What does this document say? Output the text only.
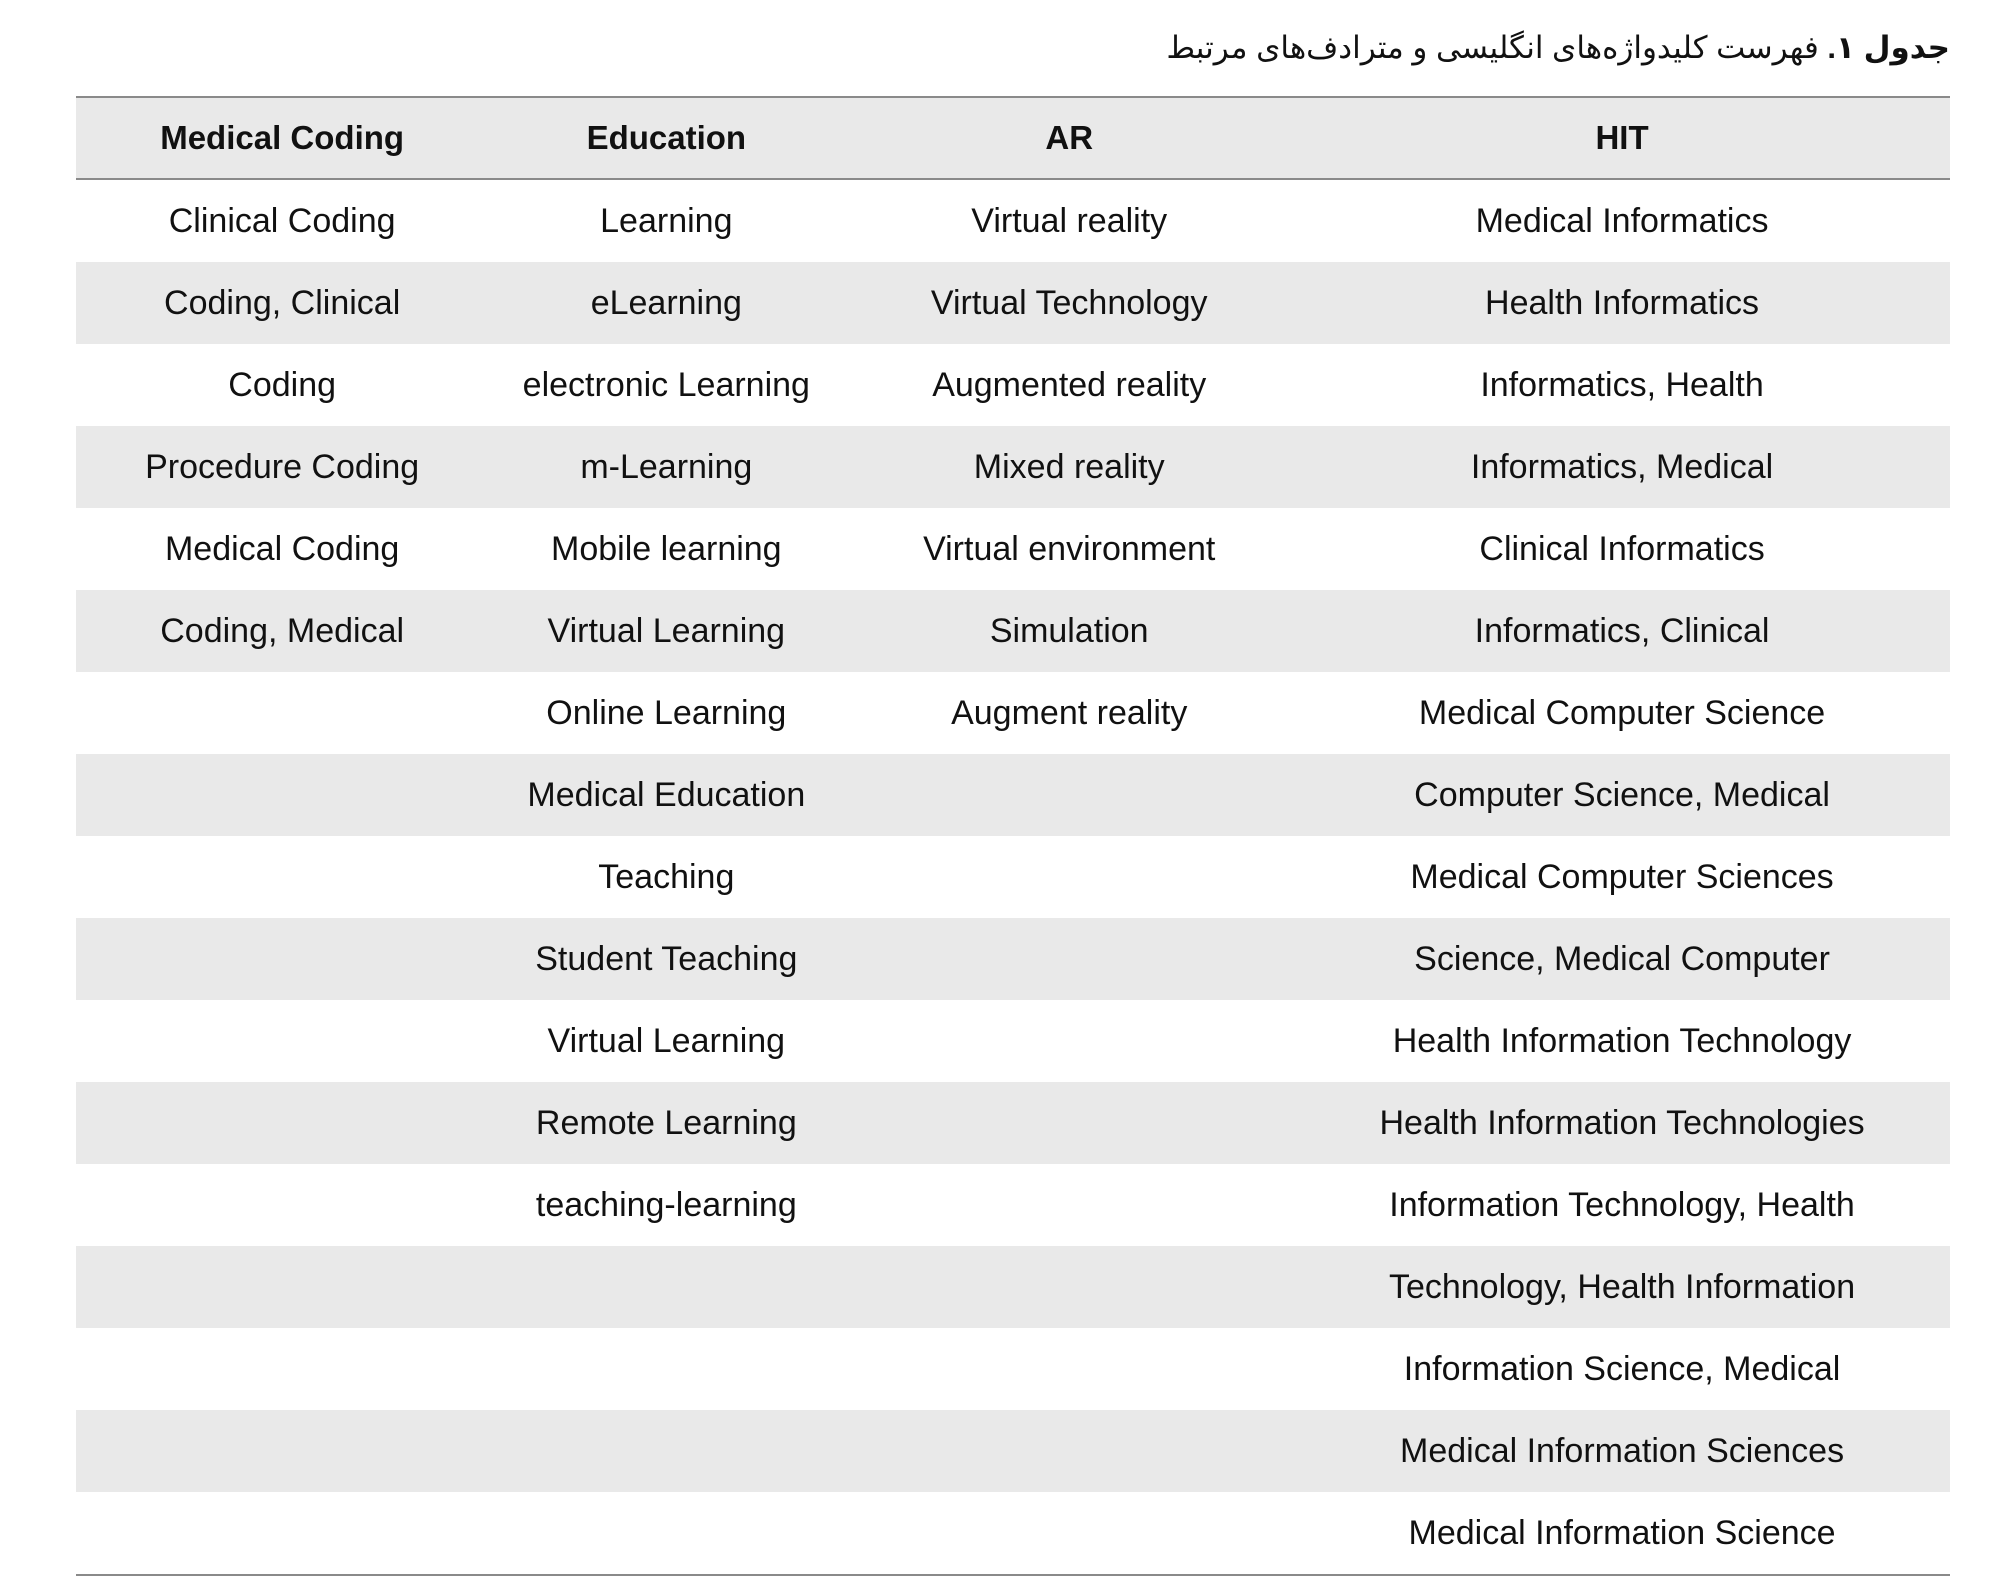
جدول ۱. فهرست کلیدواژه‌های انگلیسی و مترادف‌های مرتبط
HIT	AR	Education	Medical Coding
Medical Informatics	Virtual reality	Learning	Clinical Coding
Health Informatics	Virtual Technology	eLearning	Coding, Clinical
Informatics, Health	Augmented reality	electronic Learning	Coding
Informatics, Medical	Mixed reality	m-Learning	Procedure Coding
Clinical Informatics	Virtual environment	Mobile learning	Medical Coding
Informatics, Clinical	Simulation	Virtual Learning	Coding, Medical
Medical Computer Science	Augment reality	Online Learning	
Computer Science, Medical		Medical Education	
Medical Computer Sciences		Teaching	
Science, Medical Computer		Student Teaching	
Health Information Technology		Virtual Learning	
Health Information Technologies		Remote Learning	
Information Technology, Health		teaching-learning	
Technology, Health Information			
Information Science, Medical			
Medical Information Sciences			
Medical Information Science			
